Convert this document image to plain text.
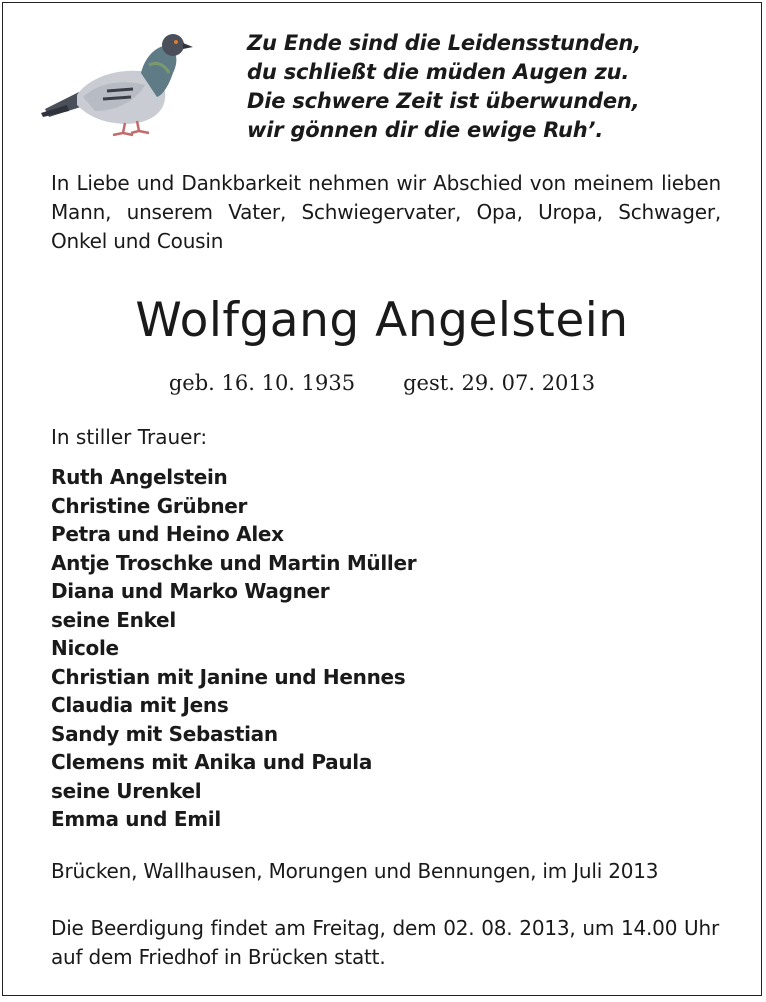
Zu Ende sind die Leidensstunden,
du schließt die müden Augen zu.
Die schwere Zeit ist überwunden,
wir gönnen dir die ewige Ruh’.
In Liebe und Dankbarkeit nehmen wir Abschied von meinem lieben Mann, unserem Vater, Schwiegervater, Opa, Uropa, Schwager, Onkel und Cousin
Wolfgang Angelstein
geb. 16. 10. 1935 gest. 29. 07. 2013
In stiller Trauer:
Ruth Angelstein
Christine Grübner
Petra und Heino Alex
Antje Troschke und Martin Müller
Diana und Marko Wagner
seine Enkel
Nicole
Christian mit Janine und Hennes
Claudia mit Jens
Sandy mit Sebastian
Clemens mit Anika und Paula
seine Urenkel
Emma und Emil
Brücken, Wallhausen, Morungen und Bennungen, im Juli 2013
Die Beerdigung findet am Freitag, dem 02. 08. 2013, um 14.00 Uhr auf dem Friedhof in Brücken statt.
